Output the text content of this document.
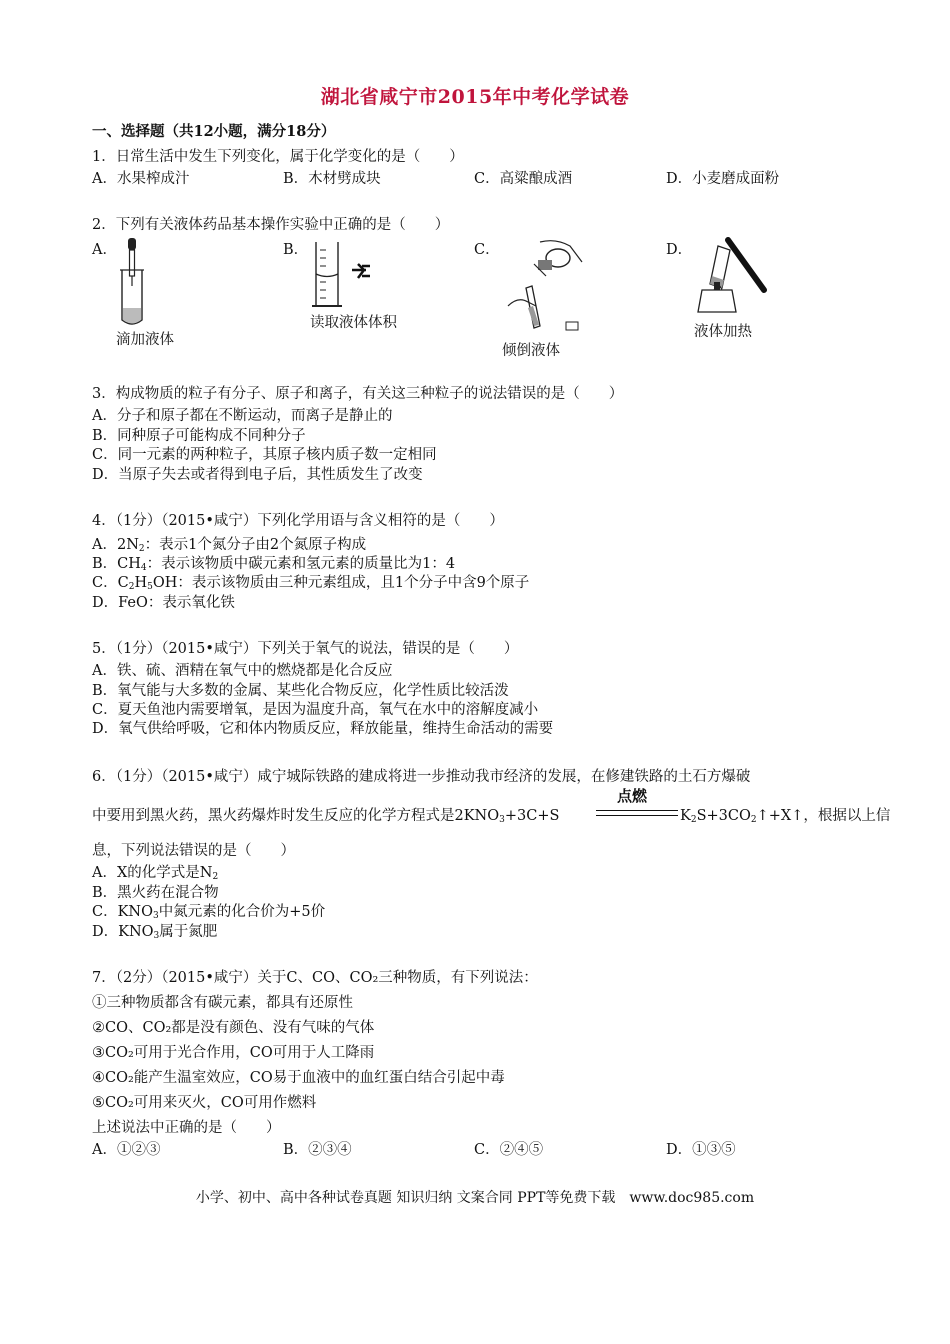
湖北省咸宁市2015年中考化学试卷
一、选择题（共12小题，满分18分）
1．日常生活中发生下列变化，属于化学变化的是（　　）
A．水果榨成汁	B．木材劈成块	C．高粱酿成酒	D．小麦磨成面粉
2．下列有关液体药品基本操作实验中正确的是（　　）
A．	B．	C．	D．
滴加液体
读取液体体积
倾倒液体
液体加热
3．构成物质的粒子有分子、原子和离子，有关这三种粒子的说法错误的是（　　）
A．分子和原子都在不断运动，而离子是静止的
B．同种原子可能构成不同种分子
C．同一元素的两种粒子，其原子核内质子数一定相同
D．当原子失去或者得到电子后，其性质发生了改变
4．（1分）（2015•咸宁）下列化学用语与含义相符的是（　　）
A．$2N_2$：表示1个氮分子由2个氮原子构成
B．$CH_4$：表示该物质中碳元素和氢元素的质量比为1：4
C．$C_2H_5OH$：表示该物质由三种元素组成，且1个分子中含9个原子
D．FeO：表示氧化铁
5．（1分）（2015•咸宁）下列关于氧气的说法，错误的是（　　）
A．铁、硫、酒精在氧气中的燃烧都是化合反应
B．氧气能与大多数的金属、某些化合物反应，化学性质比较活泼
C．夏天鱼池内需要增氧，是因为温度升高，氧气在水中的溶解度减小
D．氧气供给呼吸，它和体内物质反应，释放能量，维持生命活动的需要
6．（1分）（2015•咸宁）咸宁城际铁路的建成将进一步推动我市经济的发展，在修建铁路的土石方爆破
中要用到黑火药，黑火药爆炸时发生反应的化学方程式是$2KNO_3+3C+S$
点燃
$K_2S+3CO_2↑+X↑$，根据以上信
息，下列说法错误的是（　　）
A．X的化学式是$N_2$
B．黑火药在混合物
C．$KNO_3$中氮元素的化合价为+5价
D．$KNO_3$属于氮肥
7．（2分）（2015•咸宁）关于C、CO、CO₂三种物质，有下列说法：
①三种物质都含有碳元素，都具有还原性
②CO、CO₂都是没有颜色、没有气味的气体
③CO₂可用于光合作用，CO可用于人工降雨
④CO₂能产生温室效应，CO易于血液中的血红蛋白结合引起中毒
⑤CO₂可用来灭火，CO可用作燃料
上述说法中正确的是（　　）
A．①②③	B．②③④	C．②④⑤	D．①③⑤
小学、初中、高中各种试卷真题 知识归纳 文案合同 PPT等免费下载　www.doc985.com
